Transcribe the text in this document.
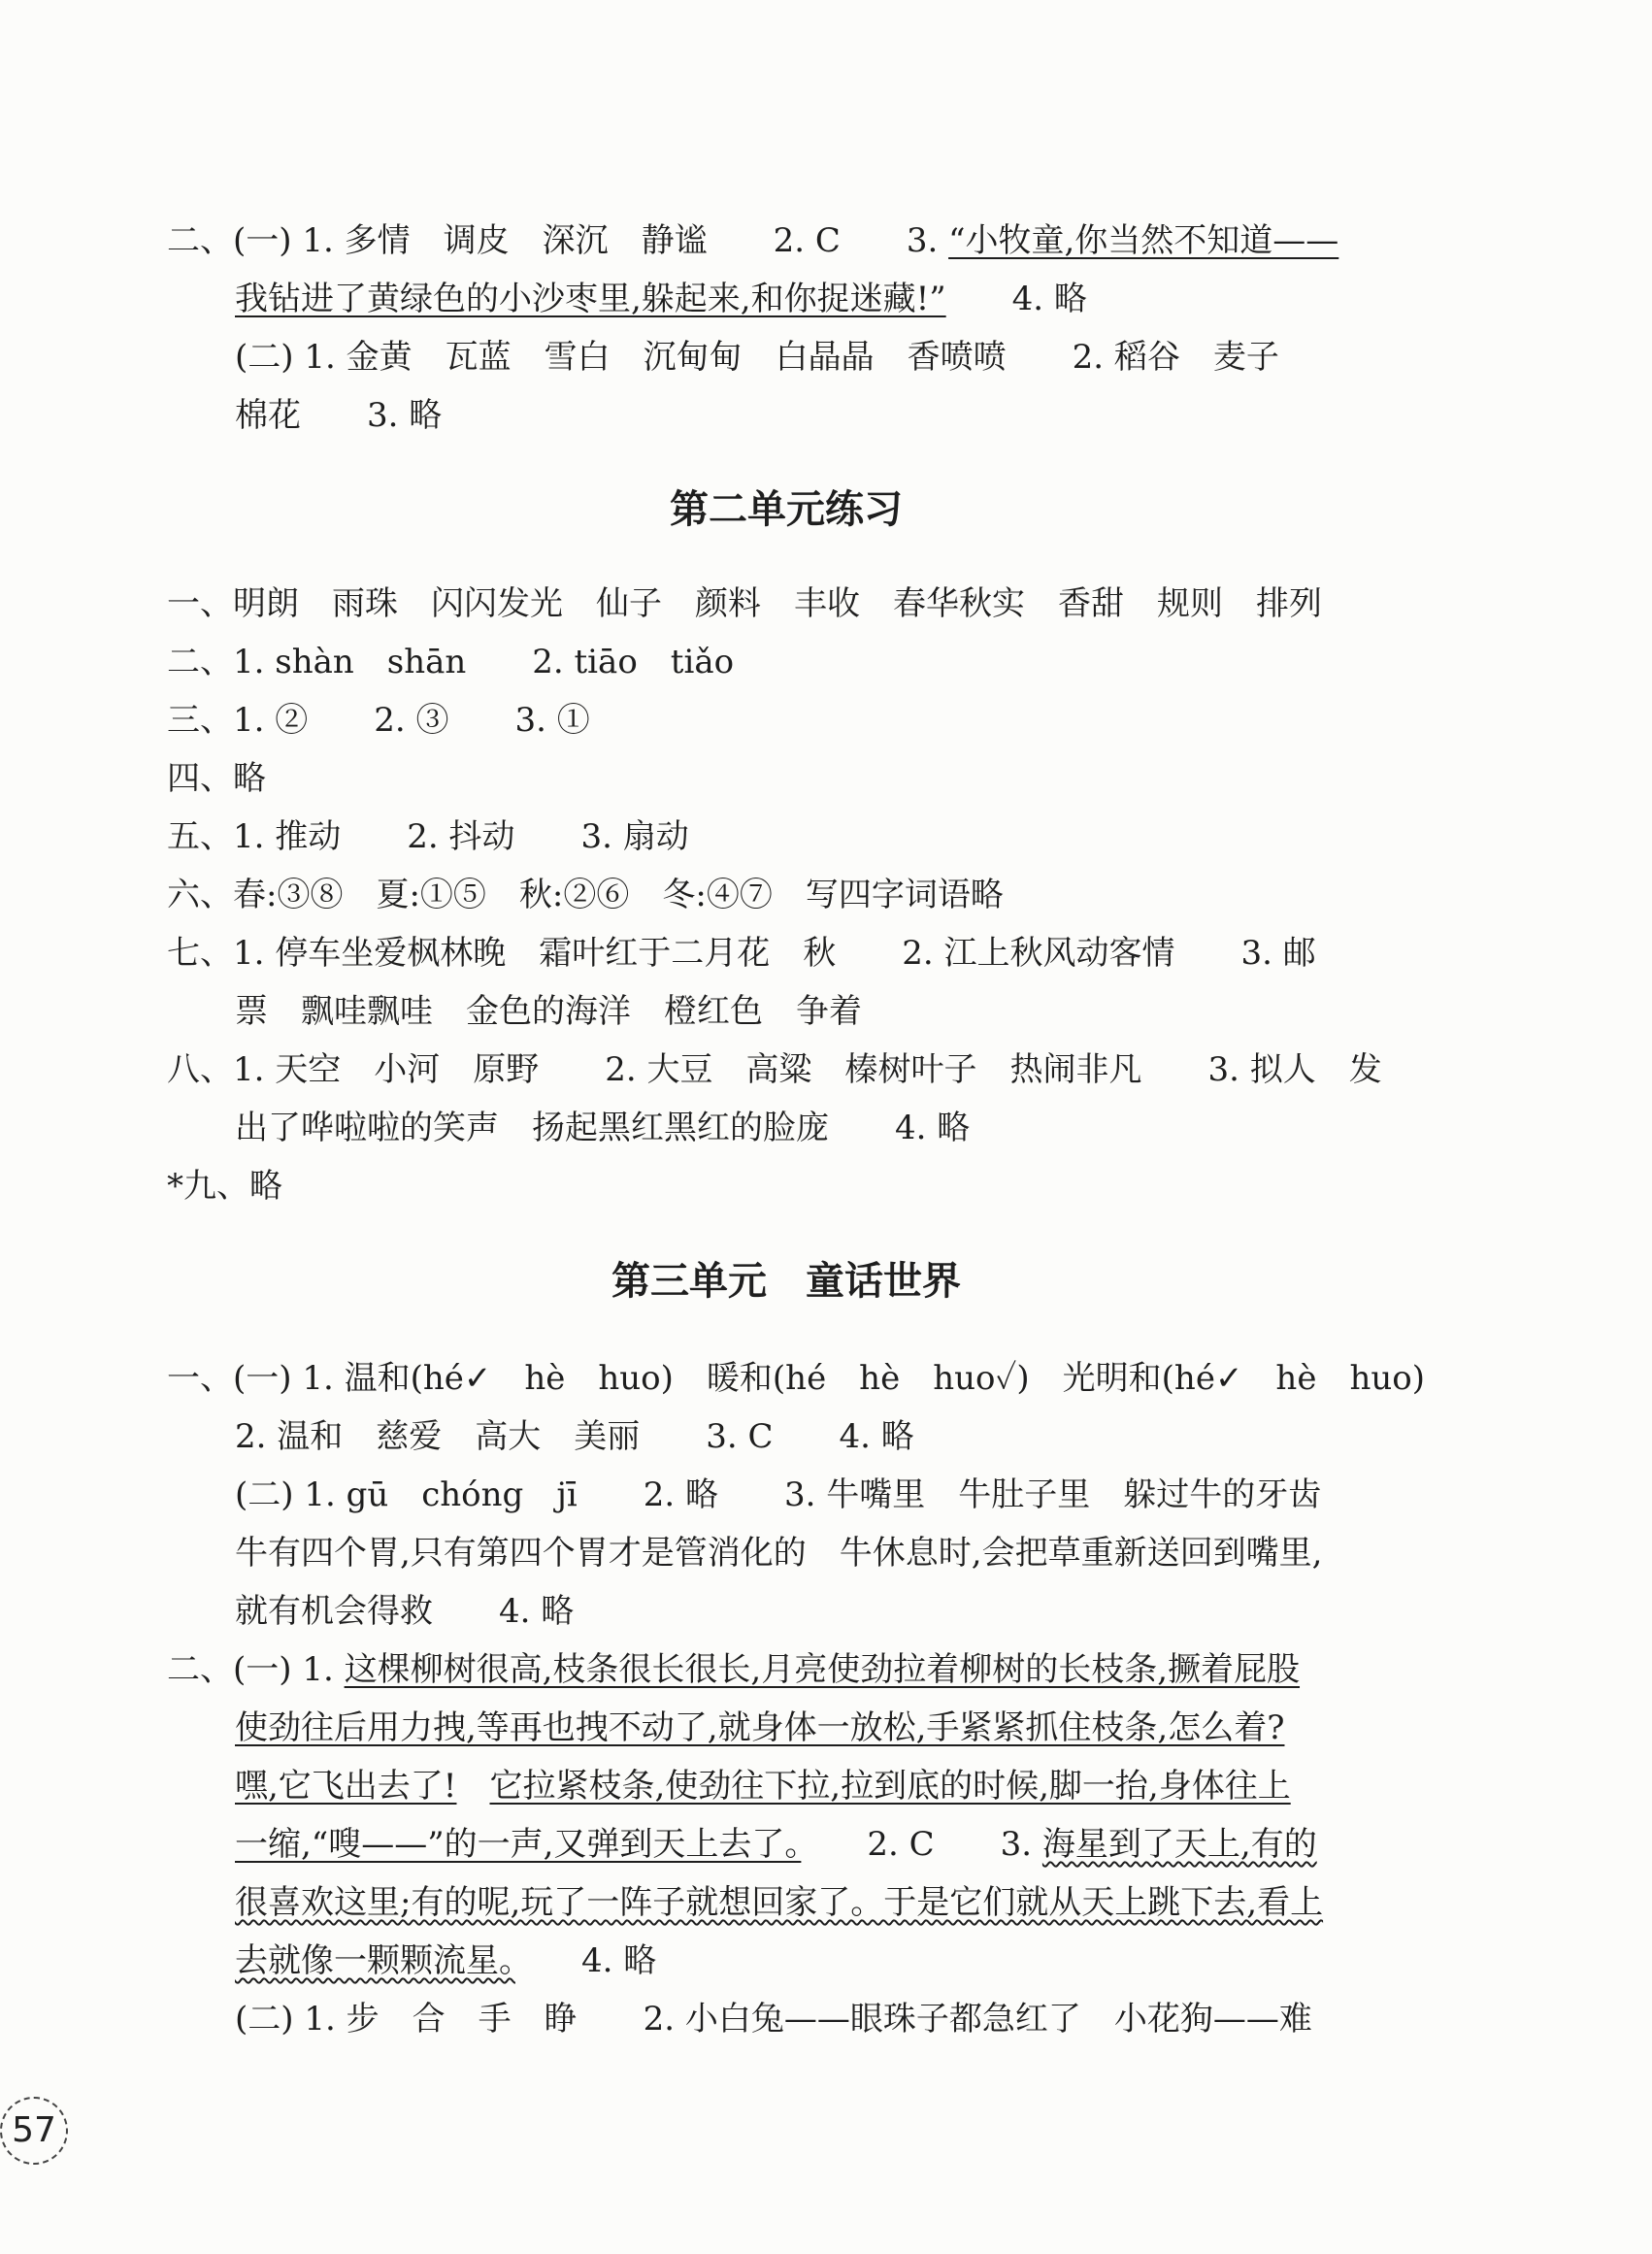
二、(一) 1. 多情　调皮　深沉　静谧　　2. C　　3. “小牧童,你当然不知道——
我钻进了黄绿色的小沙枣里,躲起来,和你捉迷藏!”　　4. 略
(二) 1. 金黄　瓦蓝　雪白　沉甸甸　白晶晶　香喷喷　　2. 稻谷　麦子
棉花　　3. 略
第二单元练习
一、明朗　雨珠　闪闪发光　仙子　颜料　丰收　春华秋实　香甜　规则　排列
二、1. shàn　shān　　2. tiāo　tiǎo
三、1. ②　　2. ③　　3. ①
四、略
五、1. 推动　　2. 抖动　　3. 扇动
六、春:③⑧　夏:①⑤　秋:②⑥　冬:④⑦　写四字词语略
七、1. 停车坐爱枫林晚　霜叶红于二月花　秋　　2. 江上秋风动客情　　3. 邮
票　飘哇飘哇　金色的海洋　橙红色　争着
八、1. 天空　小河　原野　　2. 大豆　高粱　榛树叶子　热闹非凡　　3. 拟人　发
出了哗啦啦的笑声　扬起黑红黑红的脸庞　　4. 略
*九、略
第三单元　童话世界
一、(一) 1. 温和(hé✓　hè　huo)　暖和(hé　hè　huo✓)　光明和(hé✓　hè　huo)
2. 温和　慈爱　高大　美丽　　3. C　　4. 略
(二) 1. gū　chóng　jī　　2. 略　　3. 牛嘴里　牛肚子里　躲过牛的牙齿
牛有四个胃,只有第四个胃才是管消化的　牛休息时,会把草重新送回到嘴里,
就有机会得救　　4. 略
二、(一) 1. 这棵柳树很高,枝条很长很长,月亮使劲拉着柳树的长枝条,撅着屁股
使劲往后用力拽,等再也拽不动了,就身体一放松,手紧紧抓住枝条,怎么着?
嘿,它飞出去了!　 它拉紧枝条,使劲往下拉,拉到底的时候,脚一抬,身体往上
一缩,“嗖——”的一声,又弹到天上去了。　　2. C　　3. 海星到了天上,有的
很喜欢这里;有的呢,玩了一阵子就想回家了。于是它们就从天上跳下去,看上
去就像一颗颗流星。　　4. 略
(二) 1. 步　合　手　睁　　2. 小白兔——眼珠子都急红了　小花狗——难
57
